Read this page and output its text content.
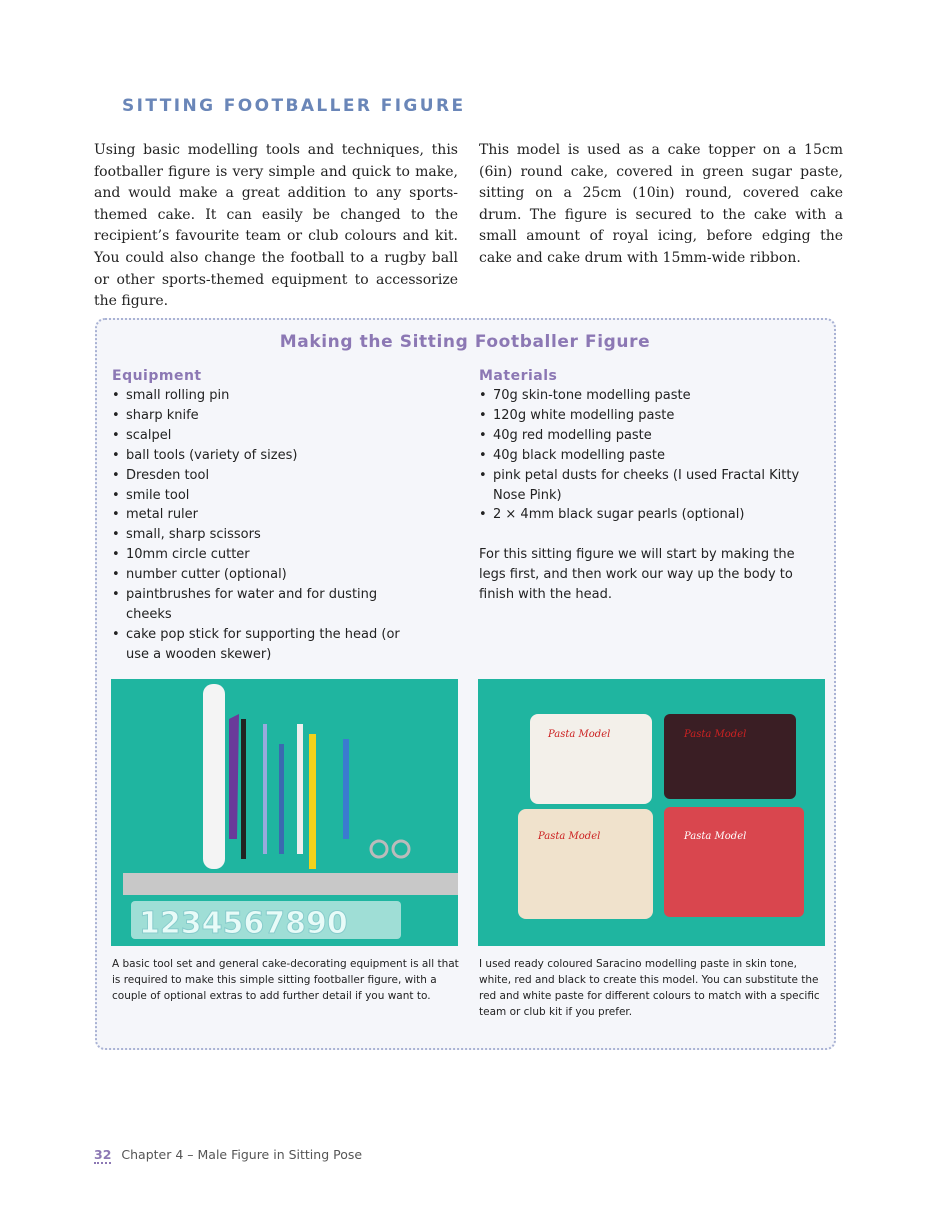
SITTING FOOTBALLER FIGURE
Using basic modelling tools and techniques, this footballer figure is very simple and quick to make, and would make a great addition to any sports-themed cake. It can easily be changed to the recipient’s favourite team or club colours and kit. You could also change the football to a rugby ball or other sports-themed equipment to accessorize the figure.
This model is used as a cake topper on a 15cm (6in) round cake, covered in green sugar paste, sitting on a 25cm (10in) round, covered cake drum. The figure is secured to the cake with a small amount of royal icing, before edging the cake and cake drum with 15mm-wide ribbon.
Making the Sitting Footballer Figure
Equipment
• small rolling pin
• sharp knife
• scalpel
• ball tools (variety of sizes)
• Dresden tool
• smile tool
• metal ruler
• small, sharp scissors
• 10mm circle cutter
• number cutter (optional)
• paintbrushes for water and for dusting cheeks
• cake pop stick for supporting the head (or use a wooden skewer)
Materials
• 70g skin-tone modelling paste
• 120g white modelling paste
• 40g red modelling paste
• 40g black modelling paste
• pink petal dusts for cheeks (I used Fractal Kitty Nose Pink)
• 2 × 4mm black sugar pearls (optional)

For this sitting figure we will start by making the legs first, and then work our way up the body to finish with the head.

1234567890
Pasta Model	Pasta Model
Pasta Model	Pasta Model
A basic tool set and general cake-decorating equipment is all that is required to make this simple sitting footballer figure, with a couple of optional extras to add further detail if you want to.
I used ready coloured Saracino modelling paste in skin tone, white, red and black to create this model. You can substitute the red and white paste for different colours to match with a specific team or club kit if you prefer.
32 Chapter 4 – Male Figure in Sitting Pose
